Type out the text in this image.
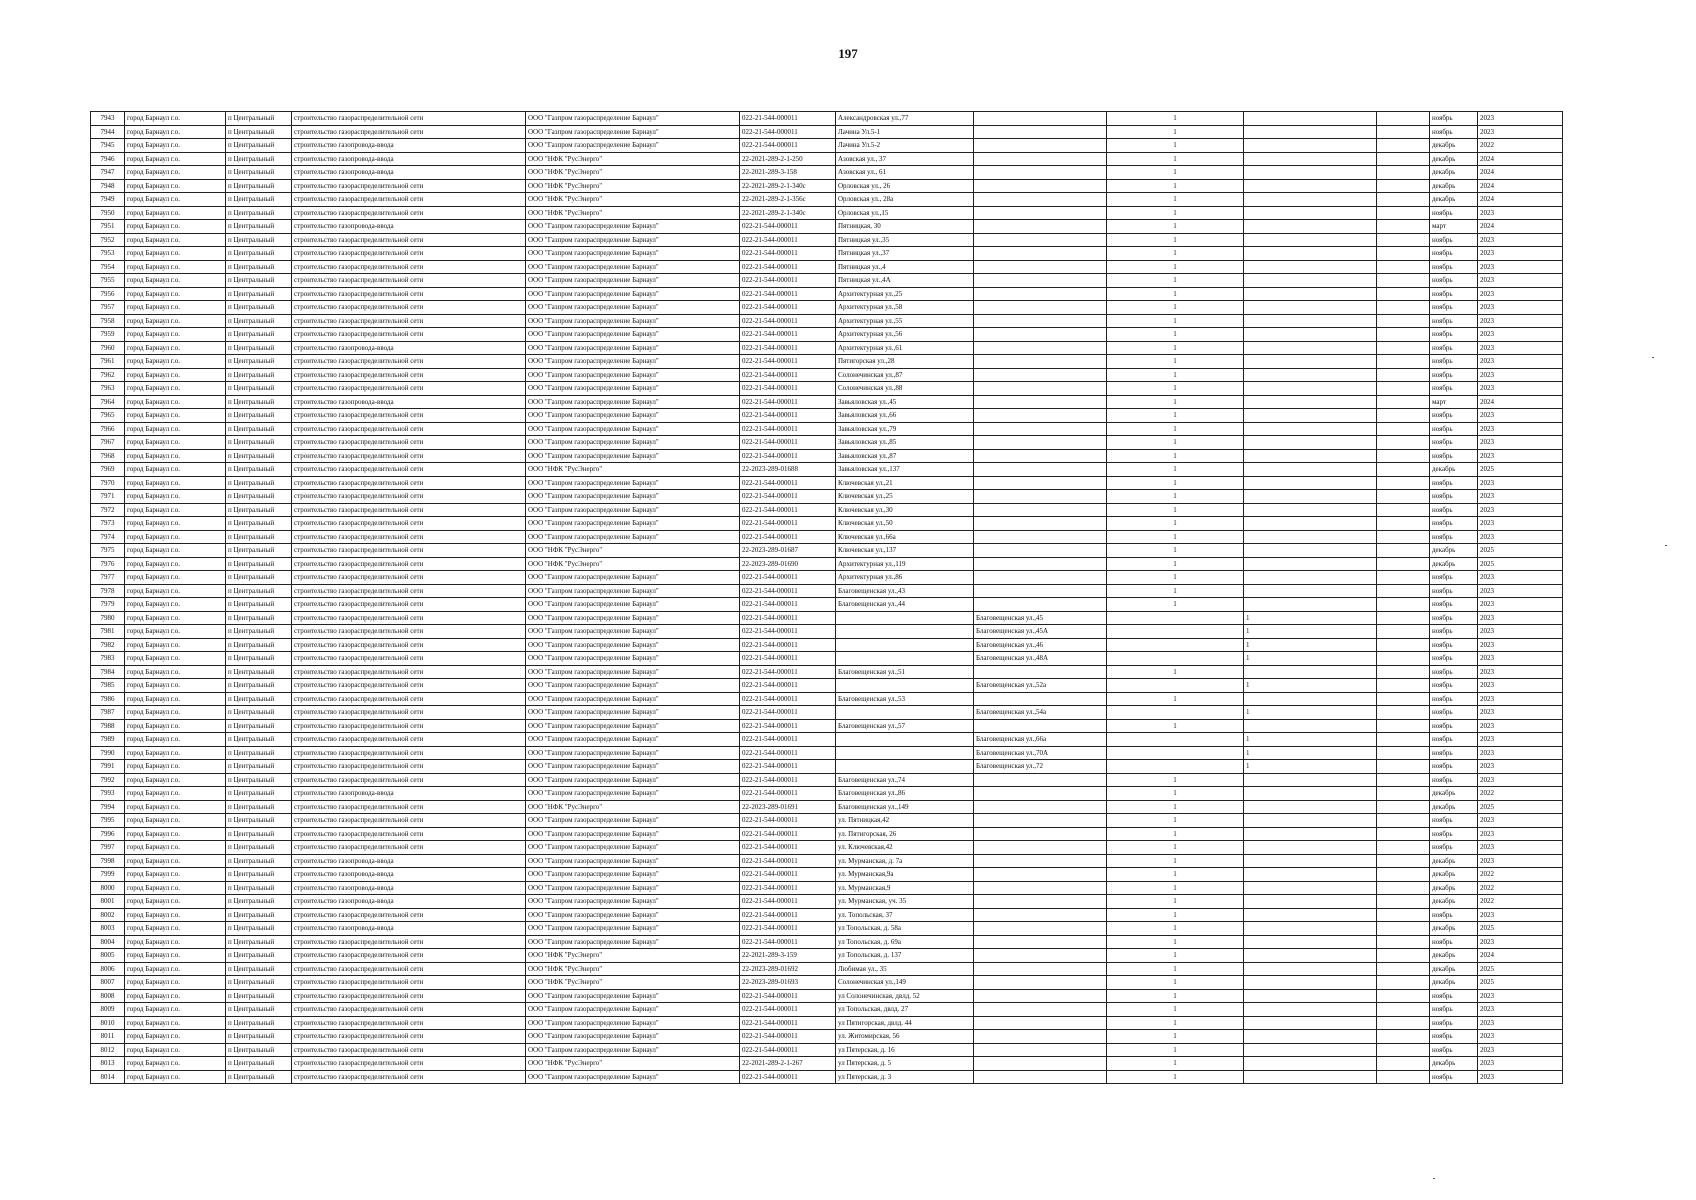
197
7943	город Барнаул г.о.	п Центральный	строительство газораспределительной сети	ООО "Газпром газораспределение Барнаул"	022-21-544-000011	Александровская ул.,77		1			ноябрь	2023
7944	город Барнаул г.о.	п Центральный	строительство газораспределительной сети	ООО "Газпром газораспределение Барнаул"	022-21-544-000011	Лачина Ул.5-1		1			ноябрь	2023
7945	город Барнаул г.о.	п Центральный	строительство газопровода-ввода	ООО "Газпром газораспределение Барнаул"	022-21-544-000011	Лачина Ул.5-2		1			декабрь	2022
7946	город Барнаул г.о.	п Центральный	строительство газопровода-ввода	ООО "НФК "РусЭнерго"	22-2021-289-2-1-250	Азовская ул., 37		1			декабрь	2024
7947	город Барнаул г.о.	п Центральный	строительство газопровода-ввода	ООО "НФК "РусЭнерго"	22-2021-289-3-158	Азовская ул., 61		1			декабрь	2024
7948	город Барнаул г.о.	п Центральный	строительство газораспределительной сети	ООО "НФК "РусЭнерго"	22-2021-289-2-1-340с	Орловская ул., 26		1			декабрь	2024
7949	город Барнаул г.о.	п Центральный	строительство газораспределительной сети	ООО "НФК "РусЭнерго"	22-2021-289-2-1-356с	Орловская ул., 28а		1			декабрь	2024
7950	город Барнаул г.о.	п Центральный	строительство газораспределительной сети	ООО "НФК "РусЭнерго"	22-2021-289-2-1-340с	Орловская ул.,15		1			ноябрь	2023
7951	город Барнаул г.о.	п Центральный	строительство газопровода-ввода	ООО "Газпром газораспределение Барнаул"	022-21-544-000011	Пятницкая, 30		1			март	2024
7952	город Барнаул г.о.	п Центральный	строительство газораспределительной сети	ООО "Газпром газораспределение Барнаул"	022-21-544-000011	Пятницкая ул.,35		1			ноябрь	2023
7953	город Барнаул г.о.	п Центральный	строительство газораспределительной сети	ООО "Газпром газораспределение Барнаул"	022-21-544-000011	Пятницкая ул.,37		1			ноябрь	2023
7954	город Барнаул г.о.	п Центральный	строительство газораспределительной сети	ООО "Газпром газораспределение Барнаул"	022-21-544-000011	Пятницкая ул.,4		1			ноябрь	2023
7955	город Барнаул г.о.	п Центральный	строительство газораспределительной сети	ООО "Газпром газораспределение Барнаул"	022-21-544-000011	Пятницкая ул.,4А		1			ноябрь	2023
7956	город Барнаул г.о.	п Центральный	строительство газораспределительной сети	ООО "Газпром газораспределение Барнаул"	022-21-544-000011	Архитектурная ул.,25		1			ноябрь	2023
7957	город Барнаул г.о.	п Центральный	строительство газораспределительной сети	ООО "Газпром газораспределение Барнаул"	022-21-544-000011	Архитектурная ул.,58		1			ноябрь	2023
7958	город Барнаул г.о.	п Центральный	строительство газораспределительной сети	ООО "Газпром газораспределение Барнаул"	022-21-544-000011	Архитектурная ул.,55		1			ноябрь	2023
7959	город Барнаул г.о.	п Центральный	строительство газораспределительной сети	ООО "Газпром газораспределение Барнаул"	022-21-544-000011	Архитектурная ул.,56		1			ноябрь	2023
7960	город Барнаул г.о.	п Центральный	строительство газопровода-ввода	ООО "Газпром газораспределение Барнаул"	022-21-544-000011	Архитектурная ул.,61		1			ноябрь	2023
7961	город Барнаул г.о.	п Центральный	строительство газораспределительной сети	ООО "Газпром газораспределение Барнаул"	022-21-544-000011	Пятигорская ул.,28		1			ноябрь	2023
7962	город Барнаул г.о.	п Центральный	строительство газораспределительной сети	ООО "Газпром газораспределение Барнаул"	022-21-544-000011	Солонечинская ул.,87		1			ноябрь	2023
7963	город Барнаул г.о.	п Центральный	строительство газораспределительной сети	ООО "Газпром газораспределение Барнаул"	022-21-544-000011	Солонечинская ул.,88		1			ноябрь	2023
7964	город Барнаул г.о.	п Центральный	строительство газопровода-ввода	ООО "Газпром газораспределение Барнаул"	022-21-544-000011	Завьяловская ул.,45		1			март	2024
7965	город Барнаул г.о.	п Центральный	строительство газораспределительной сети	ООО "Газпром газораспределение Барнаул"	022-21-544-000011	Завьяловская ул.,66		1			ноябрь	2023
7966	город Барнаул г.о.	п Центральный	строительство газораспределительной сети	ООО "Газпром газораспределение Барнаул"	022-21-544-000011	Завьяловская ул.,79		1			ноябрь	2023
7967	город Барнаул г.о.	п Центральный	строительство газораспределительной сети	ООО "Газпром газораспределение Барнаул"	022-21-544-000011	Завьяловская ул.,85		1			ноябрь	2023
7968	город Барнаул г.о.	п Центральный	строительство газораспределительной сети	ООО "Газпром газораспределение Барнаул"	022-21-544-000011	Завьяловская ул.,87		1			ноябрь	2023
7969	город Барнаул г.о.	п Центральный	строительство газораспределительной сети	ООО "НФК "РусЭнерго"	22-2023-289-01688	Завьяловская ул.,137		1			декабрь	2025
7970	город Барнаул г.о.	п Центральный	строительство газораспределительной сети	ООО "Газпром газораспределение Барнаул"	022-21-544-000011	Ключевская ул.,21		1			ноябрь	2023
7971	город Барнаул г.о.	п Центральный	строительство газораспределительной сети	ООО "Газпром газораспределение Барнаул"	022-21-544-000011	Ключевская ул.,25		1			ноябрь	2023
7972	город Барнаул г.о.	п Центральный	строительство газораспределительной сети	ООО "Газпром газораспределение Барнаул"	022-21-544-000011	Ключевская ул.,30		1			ноябрь	2023
7973	город Барнаул г.о.	п Центральный	строительство газораспределительной сети	ООО "Газпром газораспределение Барнаул"	022-21-544-000011	Ключевская ул.,50		1			ноябрь	2023
7974	город Барнаул г.о.	п Центральный	строительство газораспределительной сети	ООО "Газпром газораспределение Барнаул"	022-21-544-000011	Ключевская ул.,66а		1			ноябрь	2023
7975	город Барнаул г.о.	п Центральный	строительство газораспределительной сети	ООО "НФК "РусЭнерго"	22-2023-289-01687	Ключевская ул.,137		1			декабрь	2025
7976	город Барнаул г.о.	п Центральный	строительство газораспределительной сети	ООО "НФК "РусЭнерго"	22-2023-289-01690	Архитектурная ул.,119		1			декабрь	2025
7977	город Барнаул г.о.	п Центральный	строительство газораспределительной сети	ООО "Газпром газораспределение Барнаул"	022-21-544-000011	Архитектурная ул.,86		1			ноябрь	2023
7978	город Барнаул г.о.	п Центральный	строительство газораспределительной сети	ООО "Газпром газораспределение Барнаул"	022-21-544-000011	Благовещенская ул.,43		1			ноябрь	2023
7979	город Барнаул г.о.	п Центральный	строительство газораспределительной сети	ООО "Газпром газораспределение Барнаул"	022-21-544-000011	Благовещенская ул.,44		1			ноябрь	2023
7980	город Барнаул г.о.	п Центральный	строительство газораспределительной сети	ООО "Газпром газораспределение Барнаул"	022-21-544-000011		Благовещенская ул.,45		1		ноябрь	2023
7981	город Барнаул г.о.	п Центральный	строительство газораспределительной сети	ООО "Газпром газораспределение Барнаул"	022-21-544-000011		Благовещенская ул.,45А		1		ноябрь	2023
7982	город Барнаул г.о.	п Центральный	строительство газораспределительной сети	ООО "Газпром газораспределение Барнаул"	022-21-544-000011		Благовещенская ул.,46		1		ноябрь	2023
7983	город Барнаул г.о.	п Центральный	строительство газораспределительной сети	ООО "Газпром газораспределение Барнаул"	022-21-544-000011		Благовещенская ул.,48А		1		ноябрь	2023
7984	город Барнаул г.о.	п Центральный	строительство газораспределительной сети	ООО "Газпром газораспределение Барнаул"	022-21-544-000011	Благовещенская ул.,51		1			ноябрь	2023
7985	город Барнаул г.о.	п Центральный	строительство газораспределительной сети	ООО "Газпром газораспределение Барнаул"	022-21-544-000011		Благовещенская ул.,52а		1		ноябрь	2023
7986	город Барнаул г.о.	п Центральный	строительство газораспределительной сети	ООО "Газпром газораспределение Барнаул"	022-21-544-000011	Благовещенская ул.,53		1			ноябрь	2023
7987	город Барнаул г.о.	п Центральный	строительство газораспределительной сети	ООО "Газпром газораспределение Барнаул"	022-21-544-000011		Благовещенская ул.,54а		1		ноябрь	2023
7988	город Барнаул г.о.	п Центральный	строительство газораспределительной сети	ООО "Газпром газораспределение Барнаул"	022-21-544-000011	Благовещенская ул.,57		1			ноябрь	2023
7989	город Барнаул г.о.	п Центральный	строительство газораспределительной сети	ООО "Газпром газораспределение Барнаул"	022-21-544-000011		Благовещенская ул.,66а		1		ноябрь	2023
7990	город Барнаул г.о.	п Центральный	строительство газораспределительной сети	ООО "Газпром газораспределение Барнаул"	022-21-544-000011		Благовещенская ул.,70А		1		ноябрь	2023
7991	город Барнаул г.о.	п Центральный	строительство газораспределительной сети	ООО "Газпром газораспределение Барнаул"	022-21-544-000011		Благовещенская ул.,72		1		ноябрь	2023
7992	город Барнаул г.о.	п Центральный	строительство газораспределительной сети	ООО "Газпром газораспределение Барнаул"	022-21-544-000011	Благовещенская ул.,74		1			ноябрь	2023
7993	город Барнаул г.о.	п Центральный	строительство газопровода-ввода	ООО "Газпром газораспределение Барнаул"	022-21-544-000011	Благовещенская ул.,86		1			декабрь	2022
7994	город Барнаул г.о.	п Центральный	строительство газораспределительной сети	ООО "НФК "РусЭнерго"	22-2023-289-01691	Благовещенская ул.,149		1			декабрь	2025
7995	город Барнаул г.о.	п Центральный	строительство газораспределительной сети	ООО "Газпром газораспределение Барнаул"	022-21-544-000011	ул. Пятницкая,42		1			ноябрь	2023
7996	город Барнаул г.о.	п Центральный	строительство газораспределительной сети	ООО "Газпром газораспределение Барнаул"	022-21-544-000011	ул. Пятигорская, 26		1			ноябрь	2023
7997	город Барнаул г.о.	п Центральный	строительство газораспределительной сети	ООО "Газпром газораспределение Барнаул"	022-21-544-000011	ул. Ключевская,42		1			ноябрь	2023
7998	город Барнаул г.о.	п Центральный	строительство газопровода-ввода	ООО "Газпром газораспределение Барнаул"	022-21-544-000011	ул. Мурманская, д. 7а		1			декабрь	2023
7999	город Барнаул г.о.	п Центральный	строительство газопровода-ввода	ООО "Газпром газораспределение Барнаул"	022-21-544-000011	ул. Мурманская,9а		1			декабрь	2022
8000	город Барнаул г.о.	п Центральный	строительство газопровода-ввода	ООО "Газпром газораспределение Барнаул"	022-21-544-000011	ул. Мурманская,9		1			декабрь	2022
8001	город Барнаул г.о.	п Центральный	строительство газопровода-ввода	ООО "Газпром газораспределение Барнаул"	022-21-544-000011	ул. Мурманская, уч. 35		1			декабрь	2022
8002	город Барнаул г.о.	п Центральный	строительство газораспределительной сети	ООО "Газпром газораспределение Барнаул"	022-21-544-000011	ул. Топольская, 37		1			ноябрь	2023
8003	город Барнаул г.о.	п Центральный	строительство газопровода-ввода	ООО "Газпром газораспределение Барнаул"	022-21-544-000011	ул Топольская, д. 58а		1			декабрь	2025
8004	город Барнаул г.о.	п Центральный	строительство газораспределительной сети	ООО "Газпром газораспределение Барнаул"	022-21-544-000011	ул Топольская, д. 69а		1			ноябрь	2023
8005	город Барнаул г.о.	п Центральный	строительство газораспределительной сети	ООО "НФК "РусЭнерго"	22-2021-289-3-159	ул Топольская, д. 137		1			декабрь	2024
8006	город Барнаул г.о.	п Центральный	строительство газораспределительной сети	ООО "НФК "РусЭнерго"	22-2023-289-01692	Любимая ул., 35		1			декабрь	2025
8007	город Барнаул г.о.	п Центральный	строительство газораспределительной сети	ООО "НФК "РусЭнерго"	22-2023-289-01693	Солонечинская ул.,149		1			декабрь	2025
8008	город Барнаул г.о.	п Центральный	строительство газораспределительной сети	ООО "Газпром газораспределение Барнаул"	022-21-544-000011	ул Солонечинская, двлд. 52		1			ноябрь	2023
8009	город Барнаул г.о.	п Центральный	строительство газораспределительной сети	ООО "Газпром газораспределение Барнаул"	022-21-544-000011	ул Топольская, двлд. 27		1			ноябрь	2023
8010	город Барнаул г.о.	п Центральный	строительство газораспределительной сети	ООО "Газпром газораспределение Барнаул"	022-21-544-000011	ул Пятигорская, двлд. 44		1			ноябрь	2023
8011	город Барнаул г.о.	п Центральный	строительство газораспределительной сети	ООО "Газпром газораспределение Барнаул"	022-21-544-000011	ул. Житомирская, 56		1			ноябрь	2023
8012	город Барнаул г.о.	п Центральный	строительство газораспределительной сети	ООО "Газпром газораспределение Барнаул"	022-21-544-000011	ул Пятерская, д. 16		1			ноябрь	2023
8013	город Барнаул г.о.	п Центральный	строительство газораспределительной сети	ООО "НФК "РусЭнерго"	22-2021-289-2-1-267	ул Пятерская, д. 5		1			декабрь	2023
8014	город Барнаул г.о.	п Центральный	строительство газораспределительной сети	ООО "Газпром газораспределение Барнаул"	022-21-544-000011	ул Пятерская, д. 3		1			ноябрь	2023
